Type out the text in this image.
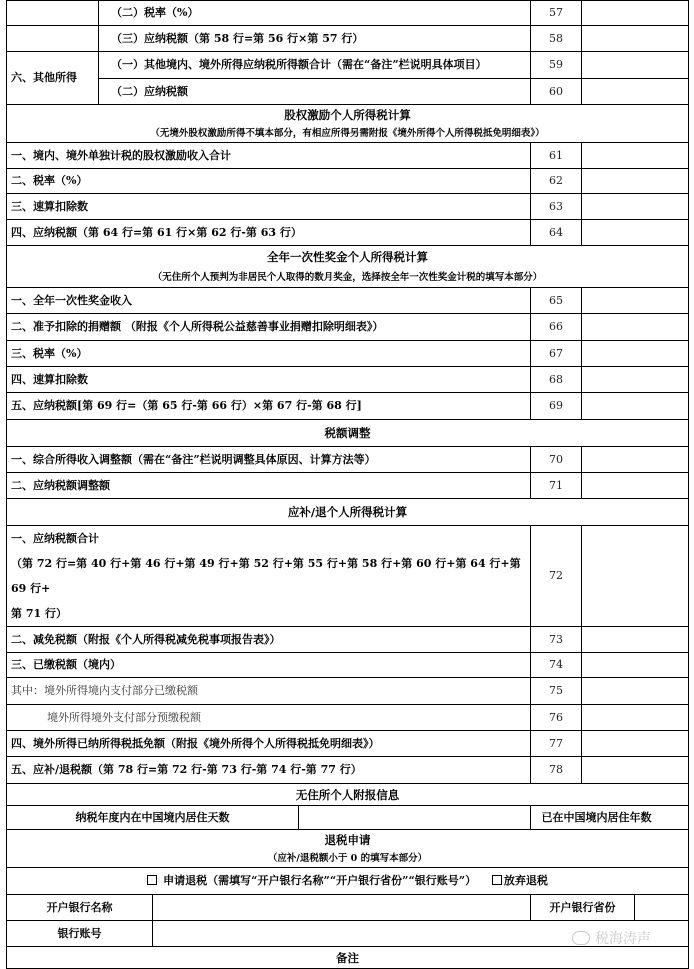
	（二）税率（%）			57		
	（三）应纳税额（第 58 行=第 56 行×第 57 行）			58		
六、其他所得	（一）其他境内、境外所得应纳税所得额合计（需在“备注”栏说明具体项目）			59		
	（二）应纳税额			60		
股权激励个人所得税计算						
（无境外股权激励所得不填本部分，有相应所得另需附报《境外所得个人所得税抵免明细表》）						
一、境内、境外单独计税的股权激励收入合计				61		
二、税率（%）				62		
三、速算扣除数				63		
四、应纳税额（第 64 行=第 61 行×第 62 行-第 63 行）				64		
全年一次性奖金个人所得税计算						
（无住所个人预判为非居民个人取得的数月奖金，选择按全年一次性奖金计税的填写本部分）						
一、全年一次性奖金收入				65		
二、准予扣除的捐赠额 （附报《个人所得税公益慈善事业捐赠扣除明细表》）				66		
三、税率（%）				67		
四、速算扣除数				68		
五、应纳税额[第 69 行=（第 65 行-第 66 行）×第 67 行-第 68 行]				69		
税额调整						
一、综合所得收入调整额（需在“备注”栏说明调整具体原因、计算方法等）				70		
二、应纳税额调整额				71		
应补/退个人所得税计算						

一、应纳税额合计
（第 72 行=第 40 行+第 46 行+第 49 行+第 52 行+第 55 行+第 58 行+第 60 行+第 64 行+第 69 行+
第 71 行）				72		
二、减免税额（附报《个人所得税减免税事项报告表》）				73		
三、已缴税额（境内）				74		
其中：境外所得境内支付部分已缴税额				75		
境外所得境外支付部分预缴税额				76		
四、境外所得已纳所得税抵免额（附报《境外所得个人所得税抵免明细表》）				77		
五、应补/退税额（第 78 行=第 72 行-第 73 行-第 74 行-第 77 行）				78		
无住所个人附报信息						
纳税年度内在中国境内居住天数				已在中国境内居住年数		
退税申请						
（应补/退税额小于 0 的填写本部分）						
申请退税（需填写“开户银行名称”“开户银行省份”“银行账号”） 放弃退税						
开户银行名称				开户银行省份		
银行账号						
备注						
税海涛声
